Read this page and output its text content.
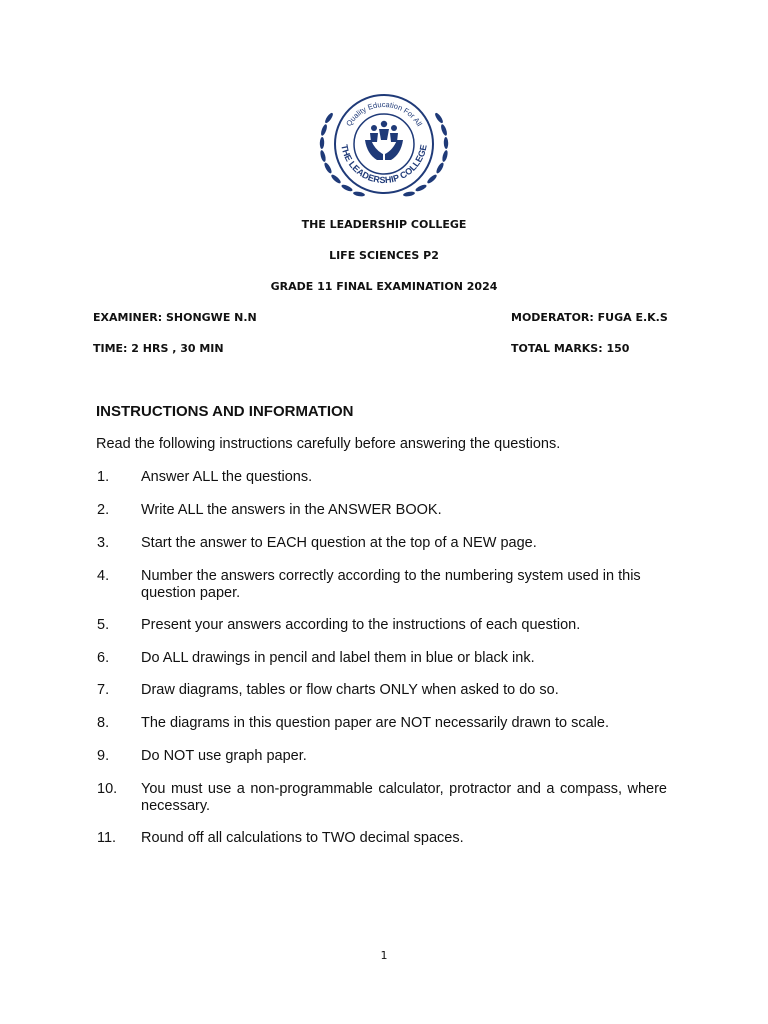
Quality Education For All
THE LEADERSHIP COLLEGE
THE LEADERSHIP COLLEGE
LIFE SCIENCES P2
GRADE 11 FINAL EXAMINATION 2024
EXAMINER: SHONGWE N.N	MODERATOR: FUGA E.K.S
TIME: 2 HRS , 30 MIN	TOTAL MARKS: 150
INSTRUCTIONS AND INFORMATION
Read the following instructions carefully before answering the questions.
1. Answer ALL the questions.
2. Write ALL the answers in the ANSWER BOOK.
3. Start the answer to EACH question at the top of a NEW page.
4. Number the answers correctly according to the numbering system used in this question paper.
5. Present your answers according to the instructions of each question.
6. Do ALL drawings in pencil and label them in blue or black ink.
7. Draw diagrams, tables or flow charts ONLY when asked to do so.
8. The diagrams in this question paper are NOT necessarily drawn to scale.
9. Do NOT use graph paper.
10. You must use a non-programmable calculator, protractor and a compass, where necessary.
11. Round off all calculations to TWO decimal spaces.
1
